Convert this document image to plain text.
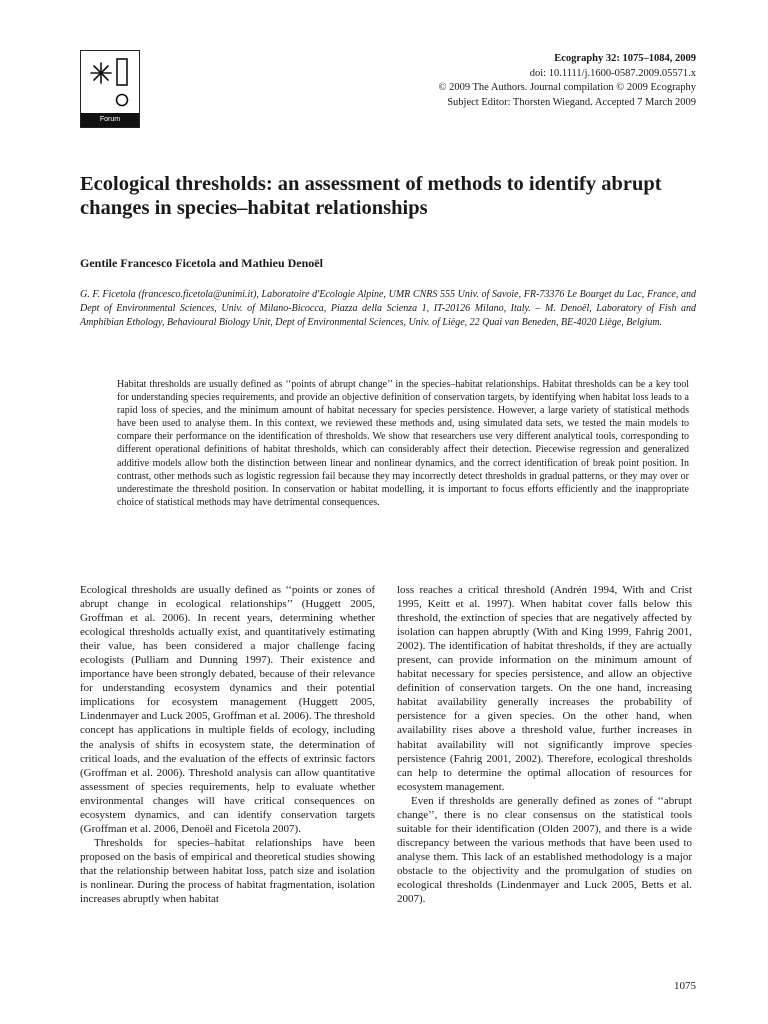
Forum
Ecography 32: 1075–1084, 2009
doi: 10.1111/j.1600-0587.2009.05571.x
© 2009 The Authors. Journal compilation © 2009 Ecography
Subject Editor: Thorsten Wiegand. Accepted 7 March 2009
Ecological thresholds: an assessment of methods to identify abrupt changes in species–habitat relationships
Gentile Francesco Ficetola and Mathieu Denoël
G. F. Ficetola (francesco.ficetola@unimi.it), Laboratoire d'Ecologie Alpine, UMR CNRS 555 Univ. of Savoie, FR-73376 Le Bourget du Lac, France, and Dept of Environmental Sciences, Univ. of Milano-Bicocca, Piazza della Scienza 1, IT-20126 Milano, Italy. – M. Denoël, Laboratory of Fish and Amphibian Ethology, Behavioural Biology Unit, Dept of Environmental Sciences, Univ. of Liège, 22 Quai van Beneden, BE-4020 Liège, Belgium.

Habitat thresholds are usually defined as ‘‘points of abrupt change’’ in the species–habitat relationships. Habitat thresholds can be a key tool for understanding species requirements, and provide an objective definition of conservation targets, by identifying when habitat loss leads to a rapid loss of species, and the minimum amount of habitat necessary for species persistence. However, a large variety of statistical methods have been used to analyse them. In this context, we reviewed these methods and, using simulated data sets, we tested the main models to compare their performance on the identification of thresholds. We show that researchers use very different analytical tools, corresponding to different operational definitions of habitat thresholds, which can considerably affect their detection. Piecewise regression and generalized additive models allow both the distinction between linear and nonlinear dynamics, and the correct identification of break point position. In contrast, other methods such as logistic regression fail because they may incorrectly detect thresholds in gradual patterns, or they may over or underestimate the threshold position. In conservation or habitat modelling, it is important to focus efforts efficiently and the inappropriate choice of statistical methods may have detrimental consequences.

Ecological thresholds are usually defined as ‘‘points or zones of abrupt change in ecological relationships’’ (Huggett 2005, Groffman et al. 2006). In recent years, determining whether ecological thresholds actually exist, and quantitatively estimating their value, has been considered a major challenge facing ecologists (Pulliam and Dunning 1997). Their existence and importance have been strongly debated, because of their relevance for understanding ecosystem dynamics and their potential implications for ecosystem management (Huggett 2005, Lindenmayer and Luck 2005, Groffman et al. 2006). The threshold concept has applications in multiple fields of ecology, including the analysis of shifts in ecosystem state, the determination of critical loads, and the evaluation of the effects of extrinsic factors (Groffman et al. 2006). Threshold analysis can allow quantitative assessment of species requirements, help to evaluate whether environmental changes will have critical consequences on ecosystem dynamics, and can identify conservation targets (Groffman et al. 2006, Denoël and Ficetola 2007).

Thresholds for species–habitat relationships have been proposed on the basis of empirical and theoretical studies showing that the relationship between habitat loss, patch size and isolation is nonlinear. During the process of habitat fragmentation, isolation increases abruptly when habitat

loss reaches a critical threshold (Andrén 1994, With and Crist 1995, Keitt et al. 1997). When habitat cover falls below this threshold, the extinction of species that are negatively affected by isolation can happen abruptly (With and King 1999, Fahrig 2001, 2002). The identification of habitat thresholds, if they are actually present, can provide information on the minimum amount of habitat necessary for species persistence, and allow an objective definition of conservation targets. On the one hand, increasing habitat availability generally increases the probability of persistence for a given species. On the other hand, when availability rises above a threshold value, further increases in habitat availability will not significantly improve species persistence (Fahrig 2001, 2002). Therefore, ecological thresholds can help to determine the optimal allocation of resources for ecosystem management.

Even if thresholds are generally defined as zones of ‘‘abrupt change’’, there is no clear consensus on the statistical tools suitable for their identification (Olden 2007), and there is a wide discrepancy between the various methods that have been used to analyse them. This lack of an established methodology is a major obstacle to the objectivity and the promulgation of studies on ecological thresholds (Lindenmayer and Luck 2005, Betts et al. 2007).

1075
